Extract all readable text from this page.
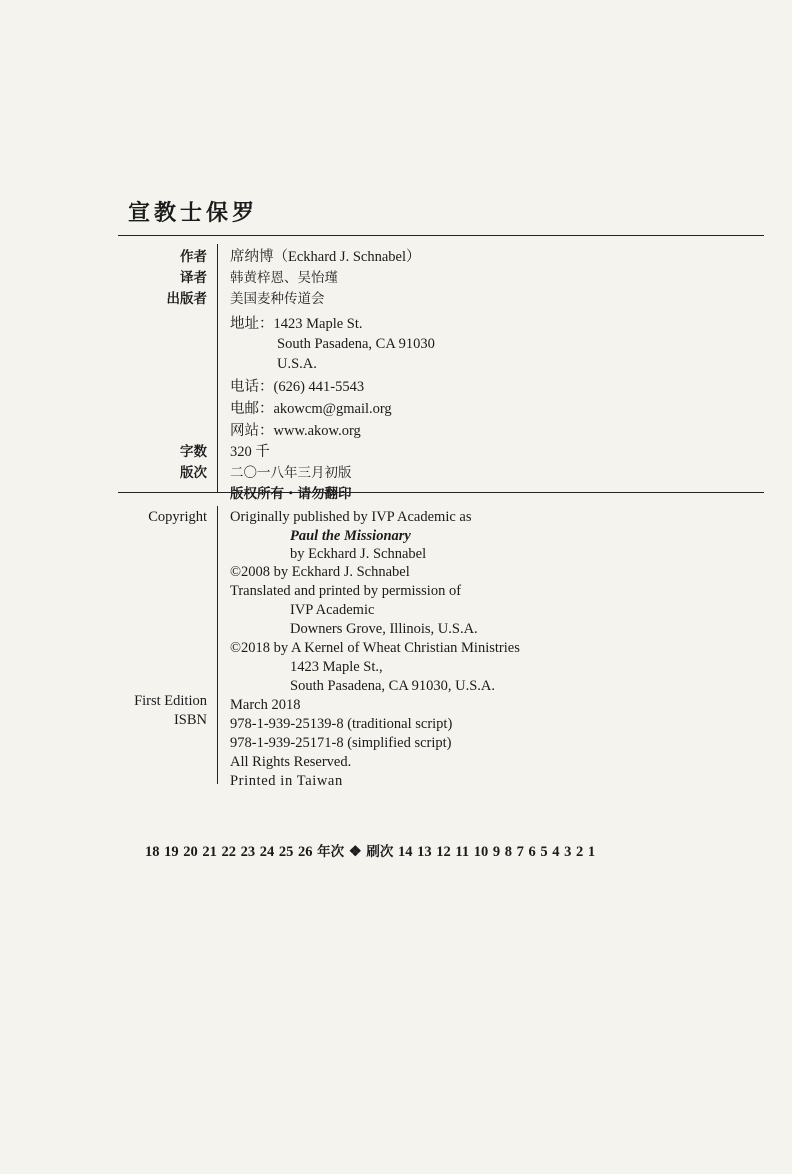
宣教士保罗
作者 席纳博（Eckhard J. Schnabel）
译者 韩黄梓恩、吴怡瑾
出版者 美国麦种传道会
地址：1423 Maple St.
South Pasadena, CA 91030
U.S.A.
电话：(626) 441-5543
电邮：akowcm@gmail.org
网站：www.akow.org
字数 320 千
版次 二〇一八年三月初版
版权所有・请勿翻印
Copyright Originally published by IVP Academic as
Paul the Missionary
by Eckhard J. Schnabel
©2008 by Eckhard J. Schnabel
Translated and printed by permission of
IVP Academic
Downers Grove, Illinois, U.S.A.
©2018 by A Kernel of Wheat Christian Ministries
1423 Maple St.,
South Pasadena, CA 91030, U.S.A.
First Edition March 2018
ISBN 978-1-939-25139-8 (traditional script)
978-1-939-25171-8 (simplified script)
All Rights Reserved.
Printed in Taiwan
18 19 20 21 22 23 24 25 26 年次 ❖ 刷次 14 13 12 11 10 9 8 7 6 5 4 3 2 1
